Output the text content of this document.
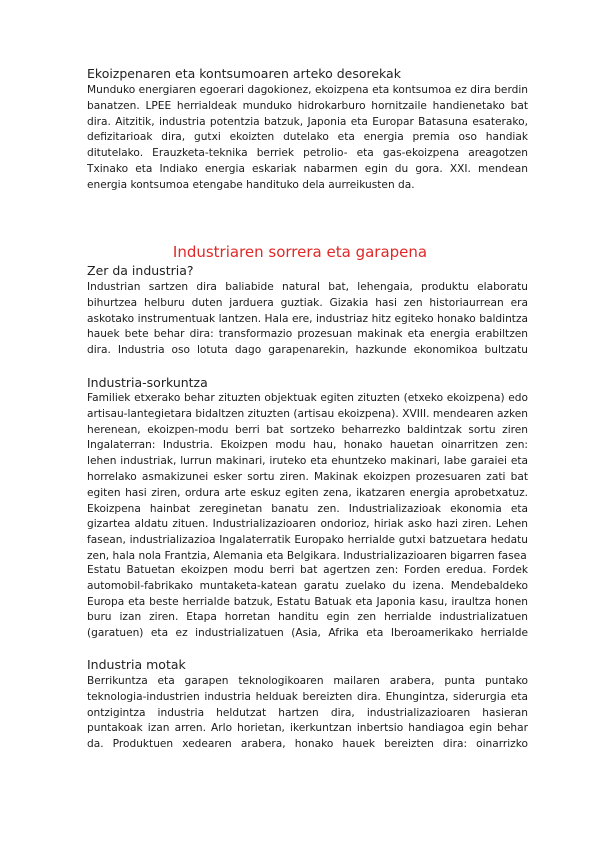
Ekoizpenaren eta kontsumoaren arteko desorekak

Munduko energiaren egoerari dagokionez, ekoizpena eta kontsumoa ez dira berdin banatzen. LPEE herrialdeak munduko hidrokarburo hornitzaile handienetako bat dira. Aitzitik, industria potentzia batzuk, Japonia eta Europar Batasuna esaterako, defizitarioak dira, gutxi ekoizten dutelako eta energia premia oso handiak ditutelako. Erauzketa-teknika berriek petrolio- eta gas-ekoizpena areagotzen

Txinako eta Indiako energia eskariak nabarmen egin du gora. XXI. mendean energia kontsumoa etengabe handituko dela aurreikusten da.

Industriaren sorrera eta garapena
Zer da industria?

Industrian sartzen dira baliabide natural bat, lehengaia, produktu elaboratu bihurtzea helburu duten jarduera guztiak. Gizakia hasi zen historiaurrean era askotako instrumentuak lantzen. Hala ere, industriaz hitz egiteko honako baldintza hauek bete behar dira: transformazio prozesuan makinak eta energia erabiltzen dira. Industria oso lotuta dago garapenarekin, hazkunde ekonomikoa bultzatu

Industria-sorkuntza

Familiek etxerako behar zituzten objektuak egiten zituzten (etxeko ekoizpena) edo artisau-lantegietara bidaltzen zituzten (artisau ekoizpena). XVIII. mendearen azken herenean, ekoizpen-modu berri bat sortzeko beharrezko baldintzak sortu ziren Ingalaterran: Industria. Ekoizpen modu hau, honako hauetan oinarritzen zen: lehen industriak, lurrun makinari, iruteko eta ehuntzeko makinari, labe garaiei eta horrelako asmakizunei esker sortu ziren. Makinak ekoizpen prozesuaren zati bat egiten hasi ziren, ordura arte eskuz egiten zena, ikatzaren energia aprobetxatuz. Ekoizpena hainbat zereginetan banatu zen. Industrializazioak ekonomia eta gizartea aldatu zituen. Industrializazioaren ondorioz, hiriak asko hazi ziren. Lehen fasean, industrializazioa Ingalaterratik Europako herrialde gutxi batzuetara hedatu zen, hala nola Frantzia, Alemania eta Belgikara. Industrializazioaren bigarren fasea

Estatu Batuetan ekoizpen modu berri bat agertzen zen: Forden eredua. Fordek automobil-fabrikako muntaketa-katean garatu zuelako du izena. Mendebaldeko Europa eta beste herrialde batzuk, Estatu Batuak eta Japonia kasu, iraultza honen buru izan ziren. Etapa horretan handitu egin zen herrialde industrializatuen (garatuen) eta ez industrializatuen (Asia, Afrika eta Iberoamerikako herrialde

Industria motak

Berrikuntza eta garapen teknologikoaren mailaren arabera, punta puntako teknologia-industrien industria helduak bereizten dira. Ehungintza, siderurgia eta ontzigintza industria heldutzat hartzen dira, industrializazioaren hasieran puntakoak izan arren. Arlo horietan, ikerkuntzan inbertsio handiagoa egin behar da. Produktuen xedearen arabera, honako hauek bereizten dira: oinarrizko
